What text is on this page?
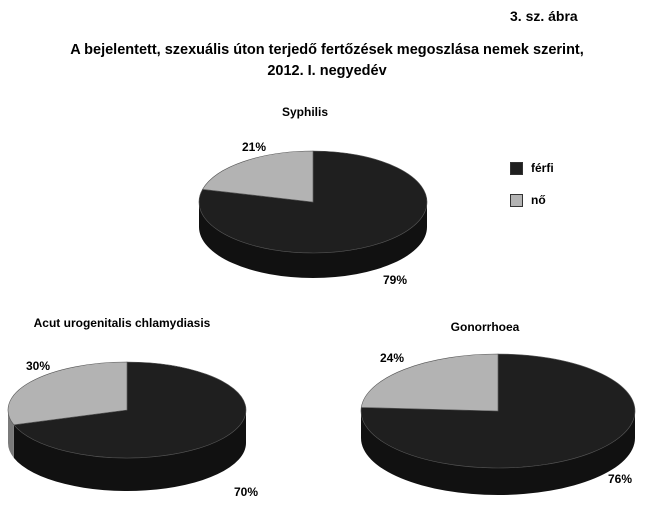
3. sz. ábra
A bejelentett, szexuális úton terjedő fertőzések megoszlása nemek szerint,
2012. I. negyedév
Syphilis
79%
21%
Acut urogenitalis chlamydiasis
70%
30%
Gonorrhoea
76%
24%
férfi
nő
